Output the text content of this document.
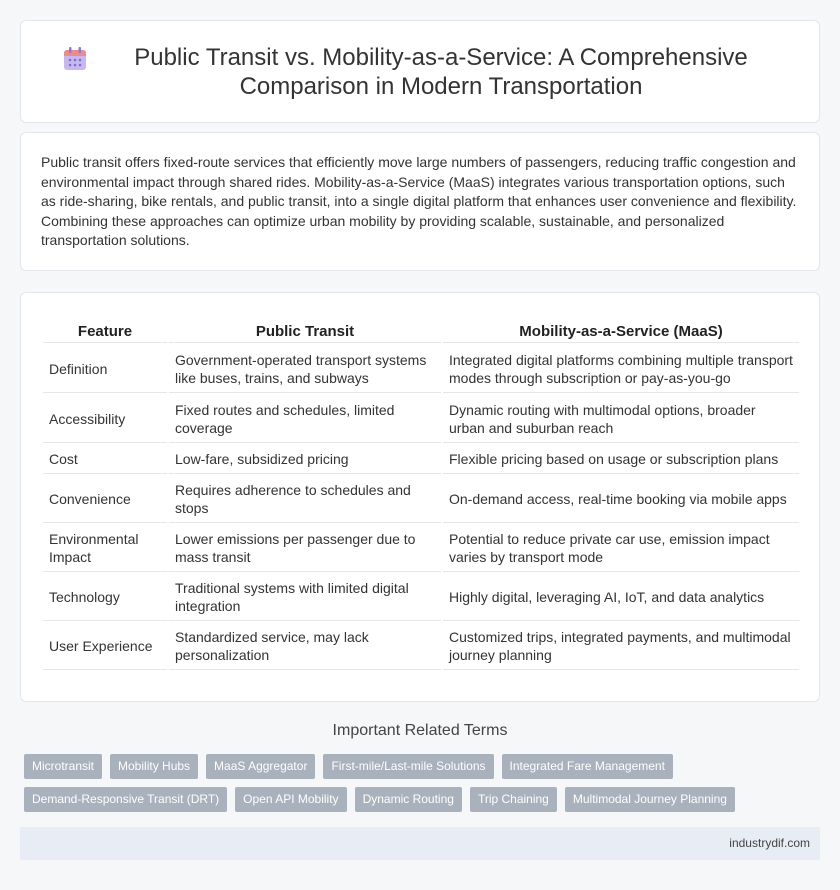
Public Transit vs. Mobility-as-a-Service: A Comprehensive Comparison in Modern Transportation

Public transit offers fixed-route services that efficiently move large numbers of passengers, reducing traffic congestion and environmental impact through shared rides. Mobility-as-a-Service (MaaS) integrates various transportation options, such as ride-sharing, bike rentals, and public transit, into a single digital platform that enhances user convenience and flexibility. Combining these approaches can optimize urban mobility by providing scalable, sustainable, and personalized transportation solutions.

Feature	Public Transit	Mobility-as-a-Service (MaaS)
Definition	Government-operated transport systems like buses, trains, and subways	Integrated digital platforms combining multiple transport modes through subscription or pay-as-you-go
Accessibility	Fixed routes and schedules, limited coverage	Dynamic routing with multimodal options, broader urban and suburban reach
Cost	Low-fare, subsidized pricing	Flexible pricing based on usage or subscription plans
Convenience	Requires adherence to schedules and stops	On-demand access, real-time booking via mobile apps
Environmental Impact	Lower emissions per passenger due to mass transit	Potential to reduce private car use, emission impact varies by transport mode
Technology	Traditional systems with limited digital integration	Highly digital, leveraging AI, IoT, and data analytics
User Experience	Standardized service, may lack personalization	Customized trips, integrated payments, and multimodal journey planning
Important Related Terms
Microtransit	Mobility Hubs	MaaS Aggregator	First-mile/Last-mile Solutions	Integrated Fare Management
Demand-Responsive Transit (DRT)	Open API Mobility	Dynamic Routing	Trip Chaining	Multimodal Journey Planning
industrydif.com
